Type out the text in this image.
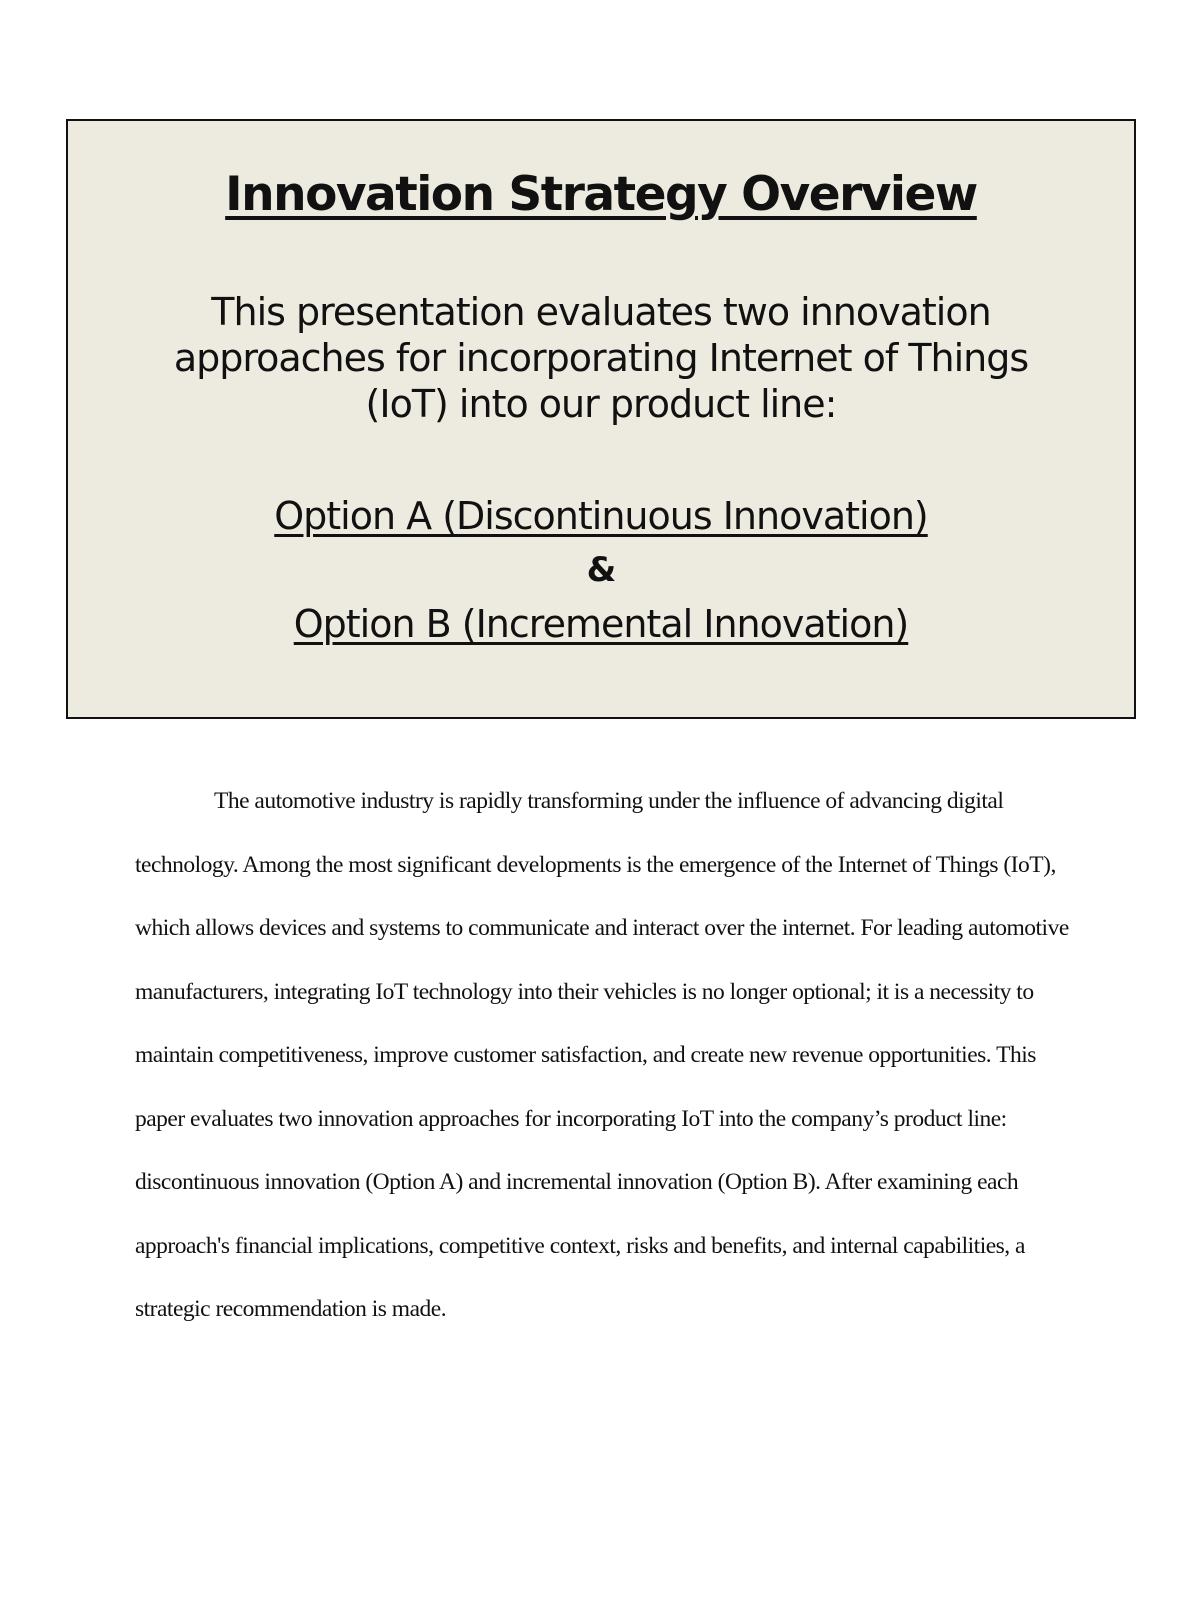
Innovation Strategy Overview
This presentation evaluates two innovation approaches for incorporating Internet of Things (IoT) into our product line:
Option A (Discontinuous Innovation)
&
Option B (Incremental Innovation)

The automotive industry is rapidly transforming under the influence of advancing digital technology. Among the most significant developments is the emergence of the Internet of Things (IoT), which allows devices and systems to communicate and interact over the internet. For leading automotive manufacturers, integrating IoT technology into their vehicles is no longer optional; it is a necessity to maintain competitiveness, improve customer satisfaction, and create new revenue opportunities. This paper evaluates two innovation approaches for incorporating IoT into the company’s product line: discontinuous innovation (Option A) and incremental innovation (Option B). After examining each approach's financial implications, competitive context, risks and benefits, and internal capabilities, a strategic recommendation is made.
